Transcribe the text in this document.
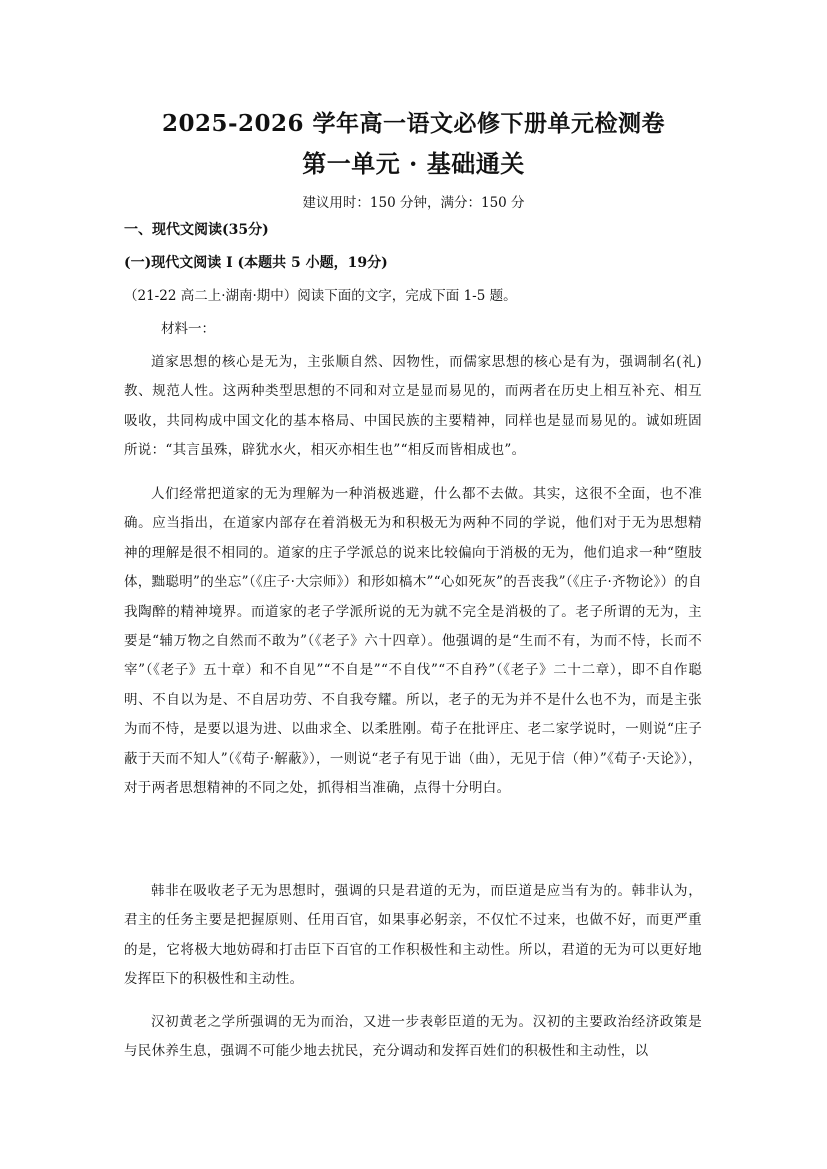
2025-2026 学年高一语文必修下册单元检测卷
第一单元 · 基础通关
建议用时：150 分钟，满分：150 分
一、现代文阅读(35分)
(一)现代文阅读 I (本题共 5 小题，19分)
（21-22 高二上·湖南·期中）阅读下面的文字，完成下面 1-5 题。
材料一：

道家思想的核心是无为，主张顺自然、因物性，而儒家思想的核心是有为，强调制名(礼)教、规范人性。这两种类型思想的不同和对立是显而易见的，而两者在历史上相互补充、相互吸收，共同构成中国文化的基本格局、中国民族的主要精神，同样也是显而易见的。诚如班固所说：“其言虽殊，辟犹水火，相灭亦相生也”“相反而皆相成也”。

人们经常把道家的无为理解为一种消极逃避，什么都不去做。其实，这很不全面，也不准确。应当指出，在道家内部存在着消极无为和积极无为两种不同的学说，他们对于无为思想精神的理解是很不相同的。道家的庄子学派总的说来比较偏向于消极的无为，他们追求一种“堕肢体，黜聪明”的坐忘”（《庄子·大宗师》）和形如槁木”“心如死灰”的吾丧我”（《庄子·齐物论》）的自我陶醉的精神境界。而道家的老子学派所说的无为就不完全是消极的了。老子所谓的无为，主要是“辅万物之自然而不敢为”（《老子》六十四章）。他强调的是“生而不有，为而不恃，长而不宰”（《老子》五十章）和不自见”“不自是”“不自伐”“不自矜”（《老子》二十二章），即不自作聪明、不自以为是、不自居功劳、不自我夸耀。所以，老子的无为并不是什么也不为，而是主张为而不恃，是要以退为进、以曲求全、以柔胜刚。荀子在批评庄、老二家学说时，一则说“庄子蔽于天而不知人”（《荀子·解蔽》），一则说“老子有见于诎（曲），无见于信（伸）”《荀子·天论》），对于两者思想精神的不同之处，抓得相当准确，点得十分明白。

韩非在吸收老子无为思想时，强调的只是君道的无为，而臣道是应当有为的。韩非认为，君主的任务主要是把握原则、任用百官，如果事必躬亲，不仅忙不过来，也做不好，而更严重的是，它将极大地妨碍和打击臣下百官的工作积极性和主动性。所以，君道的无为可以更好地发挥臣下的积极性和主动性。

汉初黄老之学所强调的无为而治，又进一步表彰臣道的无为。汉初的主要政治经济政策是与民休养生息，强调不可能少地去扰民，充分调动和发挥百姓们的积极性和主动性，以
